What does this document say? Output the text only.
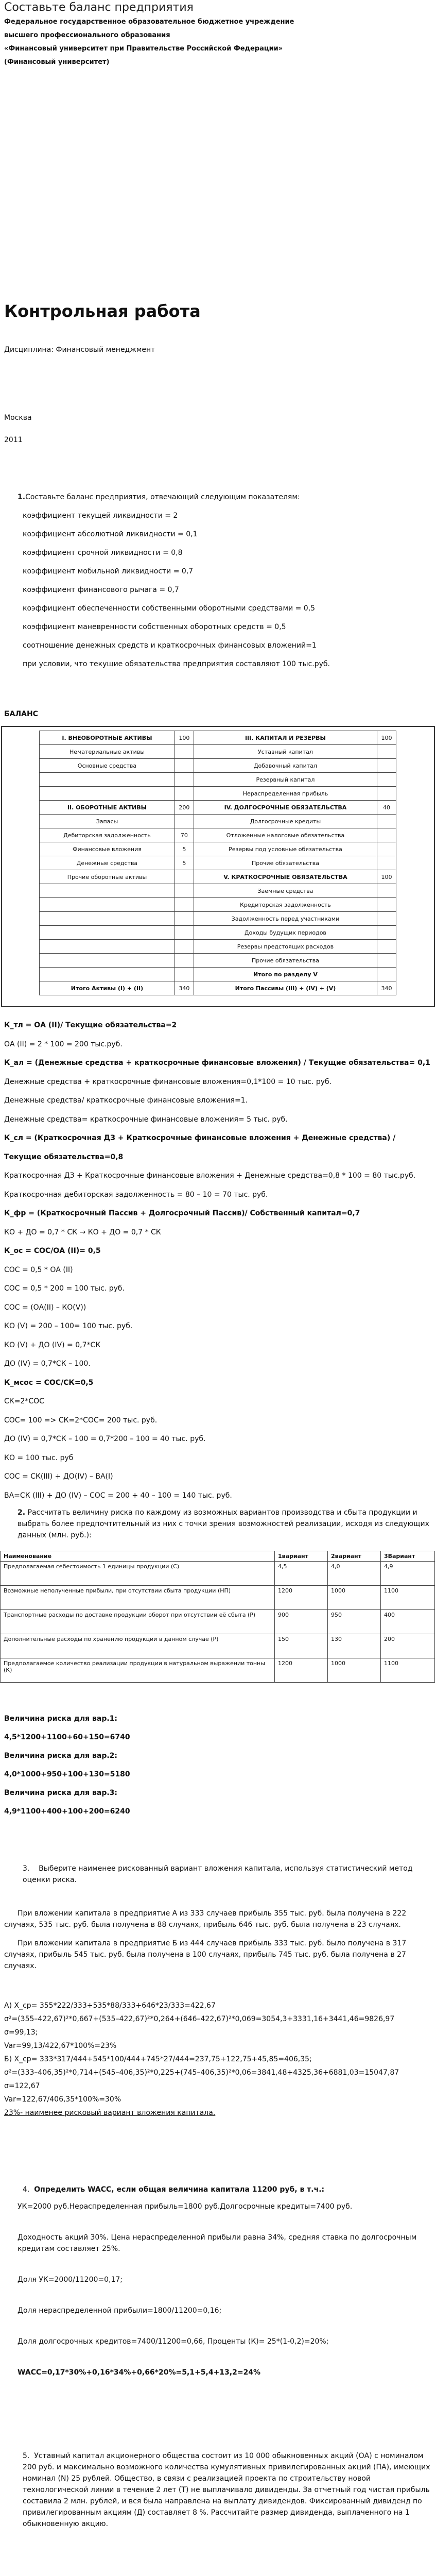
Составьте баланс предприятия

Федеральное государственное образовательное бюджетное учреждение

высшего профессионального образования

«Финансовый университет при Правительстве Российской Федерации»

(Финансовый университет)

Контрольная работа

Дисциплина: Финансовый менеджмент

Москва

2011

1.Составьте баланс предприятия, отвечающий следующим показателям:

коэффициент текущей ликвидности = 2

коэффициент абсолютной ликвидности = 0,1

коэффициент срочной ликвидности = 0,8

коэффициент мобильной ликвидности = 0,7

коэффициент финансового рычага = 0,7

коэффициент обеспеченности собственными оборотными средствами = 0,5

коэффициент маневренности собственных оборотных средств = 0,5

соотношение денежных средств и краткосрочных финансовых вложений=1

при условии, что текущие обязательства предприятия составляют 100 тыс.руб.

БАЛАНС

I. ВНЕОБОРОТНЫЕ АКТИВЫ	100	III. КАПИТАЛ И РЕЗЕРВЫ	100
Нематериальные активы		Уставный капитал	
Основные средства		Добавочный капитал	
		Резервный капитал	
		Нераспределенная прибыль	
II. ОБОРОТНЫЕ АКТИВЫ	200	IV. ДОЛГОСРОЧНЫЕ ОБЯЗАТЕЛЬСТВА	40
Запасы		Долгосрочные кредиты	
Дебиторская задолженность	70	Отложенные налоговые обязательства	
Финансовые вложения	5	Резервы под условные обязательства	
Денежные средства	5	Прочие обязательства	
Прочие оборотные активы		V. КРАТКОСРОЧНЫЕ ОБЯЗАТЕЛЬСТВА	100
		Заемные средства	
		Кредиторская задолженность	
		Задолженность перед участниками	
		Доходы будущих периодов	
		Резервы предстоящих расходов	
		Прочие обязательства	
		Итого по разделу V	
Итого Активы (I) + (II)	340	Итого Пассивы (III) + (IV) + (V)	340

К_тл = ОА (II)/ Текущие обязательства=2

ОА (II) = 2 * 100 = 200 тыс.руб.

К_ал = (Денежные средства + краткосрочные финансовые вложения) / Текущие обязательства= 0,1

Денежные средства + краткосрочные финансовые вложения=0,1*100 = 10 тыс. руб.

Денежные средства/ краткосрочные финансовые вложения=1.

Денежные средства= краткосрочные финансовые вложения= 5 тыс. руб.

К_сл = (Краткосрочная ДЗ + Краткосрочные финансовые вложения + Денежные средства) / Текущие обязательства=0,8

Краткосрочная ДЗ + Краткосрочные финансовые вложения + Денежные средства=0,8 * 100 = 80 тыс.руб.

Краткосрочная дебиторская задолженность = 80 – 10 = 70 тыс. руб.

К_фр = (Краткосрочный Пассив + Долгосрочный Пассив)/ Собственный капитал=0,7

КО + ДО = 0,7 * СК → КО + ДО = 0,7 * СК

К_ос = СОС/ОА (II)= 0,5

СОС = 0,5 * ОА (II)

СОС = 0,5 * 200 = 100 тыс. руб.

СОС = (ОА(II) – КО(V))

КО (V) = 200 – 100= 100 тыс. руб.

КО (V) + ДО (IV) = 0,7*СК

ДО (IV) = 0,7*СК – 100.

К_мсос = СОС/СК=0,5

СК=2*СОС

СОС= 100 => СК=2*СОС= 200 тыс. руб.

ДО (IV) = 0,7*СК – 100 = 0,7*200 – 100 = 40 тыс. руб.

КО = 100 тыс. руб

СОС = СК(III) + ДО(IV) – ВА(I)

ВА=СК (III) + ДО (IV) – СОС = 200 + 40 – 100 = 140 тыс. руб.

2. Рассчитать величину риска по каждому из возможных вариантов производства и сбыта продукции и выбрать более предпочтительный из них с точки зрения возможностей реализации, исходя из следующих данных (млн. руб.):

Наименование	1вариант	2вариант	3Вариант
Предполагаемая себестоимость 1 единицы продукции (С)	4,5	4,0	4,9
Возможные неполученные прибыли, при отсутствии сбыта продукции (НП)	1200	1000	1100
Транспортные расходы по доставке продукции оборот при отсутствии её сбыта (Р)	900	950	400
Дополнительные расходы по хранению продукции в данном случае (Р)	150	130	200
Предполагаемое количество реализации продукции в натуральном выражении тонны (К)	1200	1000	1100

Величина риска для вар.1:

4,5*1200+1100+60+150=6740

Величина риска для вар.2:

4,0*1000+950+100+130=5180

Величина риска для вар.3:

4,9*1100+400+100+200=6240

3. Выберите наименее рискованный вариант вложения капитала, используя статистический метод оценки риска.

При вложении капитала в предприятие А из 333 случаев прибыль 355 тыс. руб. была получена в 222 случаях, 535 тыс. руб. была получена в 88 случаях, прибыль 646 тыс. руб. была получена в 23 случаях.

При вложении капитала в предприятие Б из 444 случаев прибыль 333 тыс. руб. было получена в 317 случаях, прибыль 545 тыс. руб. была получена в 100 случаях, прибыль 745 тыс. руб. была получена в 27 случаях.

А) X_ср= 355*222/333+535*88/333+646*23/333=422,67

σ²=(355–422,67)²*0,667+(535–422,67)²*0,264+(646–422,67)²*0,069=3054,3+3331,16+3441,46=9826,97

σ=99,13;

Var=99,13/422,67*100%=23%

Б) X_ср= 333*317/444+545*100/444+745*27/444=237,75+122,75+45,85=406,35;

σ²=(333–406,35)²*0,714+(545–406,35)²*0,225+(745–406,35)²*0,06=3841,48+4325,36+6881,03=15047,87

σ=122,67

Var=122,67/406,35*100%=30%

23%- наименее рисковый вариант вложения капитала.

4. Определить WACC, если общая величина капитала 11200 руб, в т.ч.:

УК=2000 руб.Нераспределенная прибыль=1800 руб.Долгосрочные кредиты=7400 руб.

Доходность акций 30%. Цена нераспределенной прибыли равна 34%, средняя ставка по долгосрочным кредитам составляет 25%.

Доля УК=2000/11200=0,17;

Доля нераспределенной прибыли=1800/11200=0,16;

Доля долгосрочных кредитов=7400/11200=0,66, Проценты (К)= 25*(1-0,2)=20%;

WACC=0,17*30%+0,16*34%+0,66*20%=5,1+5,4+13,2=24%

5. Уставный капитал акционерного общества состоит из 10 000 обыкновенных акций (ОА) с номиналом 200 руб. и максимально возможного количества кумулятивных привилегированных акций (ПА), имеющих номинал (N) 25 рублей. Общество, в связи с реализацией проекта по строительству новой технологической линии в течение 2 лет (Т) не выплачивало дивиденды. За отчетный год чистая прибыль составила 2 млн. рублей, и вся была направлена на выплату дивидендов. Фиксированный дивиденд по привилегированным акциям (Д) составляет 8 %. Рассчитайте размер дивиденда, выплаченного на 1 обыкновенную акцию.
